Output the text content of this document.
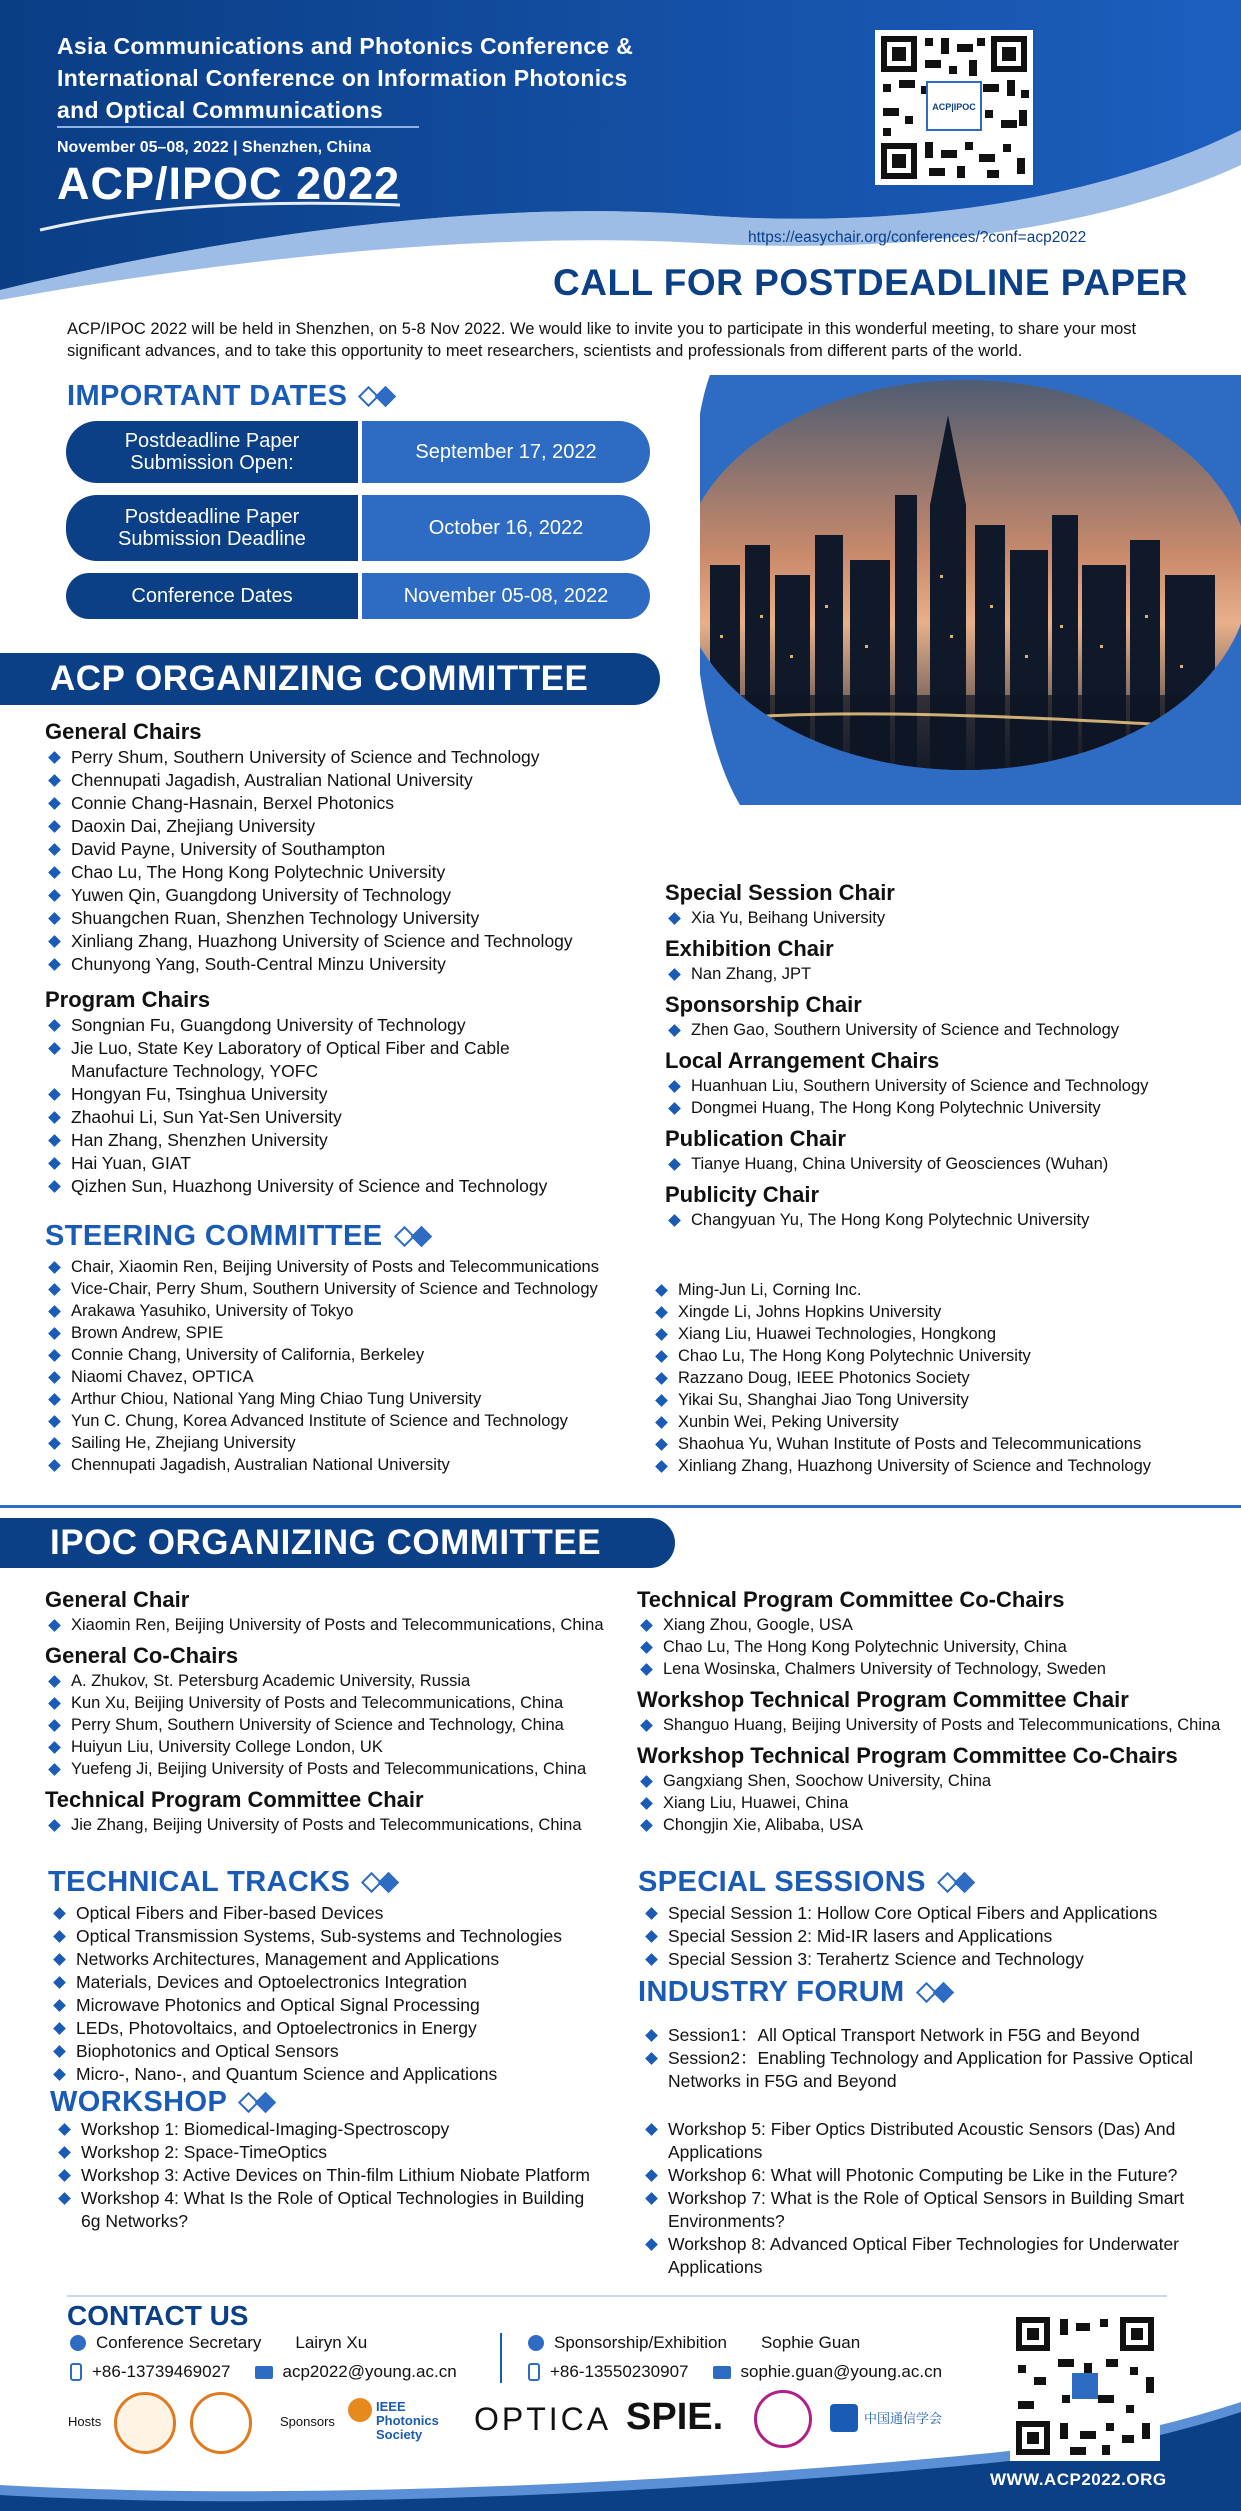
Asia Communications and Photonics Conference &
International Conference on Information Photonics
and Optical Communications
November 05–08, 2022 | Shenzhen, China
ACP/IPOC 2022
ACP|IPOC
https://easychair.org/conferences/?conf=acp2022
CALL FOR POSTDEADLINE PAPER
ACP/IPOC 2022 will be held in Shenzhen, on 5-8 Nov 2022. We would like to invite you to participate in this wonderful meeting, to share your most significant advances, and to take this opportunity to meet researchers, scientists and professionals from different parts of the world.
IMPORTANT DATES
Postdeadline Paper Submission Open:
September 17, 2022
Postdeadline Paper Submission Deadline
October 16, 2022
Conference Dates	November 05-08, 2022
ACP ORGANIZING COMMITTEE
General Chairs
Perry Shum, Southern University of Science and Technology
Chennupati Jagadish, Australian National University
Connie Chang-Hasnain, Berxel Photonics
Daoxin Dai, Zhejiang University
David Payne, University of Southampton
Chao Lu, The Hong Kong Polytechnic University
Yuwen Qin, Guangdong University of Technology
Shuangchen Ruan, Shenzhen Technology University
Xinliang Zhang, Huazhong University of Science and Technology
Chunyong Yang, South-Central Minzu University
Program Chairs
Songnian Fu, Guangdong University of Technology
Jie Luo, State Key Laboratory of Optical Fiber and Cable Manufacture Technology, YOFC
Hongyan Fu, Tsinghua University
Zhaohui Li, Sun Yat-Sen University
Han Zhang, Shenzhen University
Hai Yuan, GIAT
Qizhen Sun, Huazhong University of Science and Technology
Special Session Chair
Xia Yu, Beihang University
Exhibition Chair
Nan Zhang, JPT
Sponsorship Chair
Zhen Gao, Southern University of Science and Technology
Local Arrangement Chairs
Huanhuan Liu, Southern University of Science and Technology
Dongmei Huang, The Hong Kong Polytechnic University
Publication Chair
Tianye Huang, China University of Geosciences (Wuhan)
Publicity Chair
Changyuan Yu, The Hong Kong Polytechnic University
STEERING COMMITTEE
Chair, Xiaomin Ren, Beijing University of Posts and Telecommunications
Vice-Chair, Perry Shum, Southern University of Science and Technology
Arakawa Yasuhiko, University of Tokyo
Brown Andrew, SPIE
Connie Chang, University of California, Berkeley
Niaomi Chavez, OPTICA
Arthur Chiou, National Yang Ming Chiao Tung University
Yun C. Chung, Korea Advanced Institute of Science and Technology
Sailing He, Zhejiang University
Chennupati Jagadish, Australian National University
Ming-Jun Li, Corning Inc.
Xingde Li, Johns Hopkins University
Xiang Liu, Huawei Technologies, Hongkong
Chao Lu, The Hong Kong Polytechnic University
Razzano Doug, IEEE Photonics Society
Yikai Su, Shanghai Jiao Tong University
Xunbin Wei, Peking University
Shaohua Yu, Wuhan Institute of Posts and Telecommunications
Xinliang Zhang, Huazhong University of Science and Technology
IPOC ORGANIZING COMMITTEE
General Chair
Xiaomin Ren, Beijing University of Posts and Telecommunications, China
General Co-Chairs
A. Zhukov, St. Petersburg Academic University, Russia
Kun Xu, Beijing University of Posts and Telecommunications, China
Perry Shum, Southern University of Science and Technology, China
Huiyun Liu, University College London, UK
Yuefeng Ji, Beijing University of Posts and Telecommunications, China
Technical Program Committee Chair
Jie Zhang, Beijing University of Posts and Telecommunications, China
Technical Program Committee Co-Chairs
Xiang Zhou, Google, USA
Chao Lu, The Hong Kong Polytechnic University, China
Lena Wosinska, Chalmers University of Technology, Sweden
Workshop Technical Program Committee Chair
Shanguo Huang, Beijing University of Posts and Telecommunications, China
Workshop Technical Program Committee Co-Chairs
Gangxiang Shen, Soochow University, China
Xiang Liu, Huawei, China
Chongjin Xie, Alibaba, USA
TECHNICAL TRACKS
Optical Fibers and Fiber-based Devices
Optical Transmission Systems, Sub-systems and Technologies
Networks Architectures, Management and Applications
Materials, Devices and Optoelectronics Integration
Microwave Photonics and Optical Signal Processing
LEDs, Photovoltaics, and Optoelectronics in Energy
Biophotonics and Optical Sensors
Micro-, Nano-, and Quantum Science and Applications
SPECIAL SESSIONS
Special Session 1: Hollow Core Optical Fibers and Applications
Special Session 2: Mid-IR lasers and Applications
Special Session 3: Terahertz Science and Technology
INDUSTRY FORUM
Session1：All Optical Transport Network in F5G and Beyond
Session2：Enabling Technology and Application for Passive Optical Networks in F5G and Beyond
WORKSHOP
Workshop 1: Biomedical-Imaging-Spectroscopy
Workshop 2: Space-TimeOptics
Workshop 3: Active Devices on Thin-film Lithium Niobate Platform
Workshop 4: What Is the Role of Optical Technologies in Building 6g Networks?
Workshop 5: Fiber Optics Distributed Acoustic Sensors (Das) And Applications
Workshop 6: What will Photonic Computing be Like in the Future?
Workshop 7: What is the Role of Optical Sensors in Building Smart Environments?
Workshop 8: Advanced Optical Fiber Technologies for Underwater Applications
CONTACT US
Conference Secretary Lairyn Xu
+86-13739469027	acp2022@young.ac.cn
Sponsorship/Exhibition Sophie Guan
+86-13550230907	sophie.guan@young.ac.cn
Hosts	Sponsors
IEEE Photonics Society	OPTICA SPIE.	中国通信学会
WWW.ACP2022.ORG
